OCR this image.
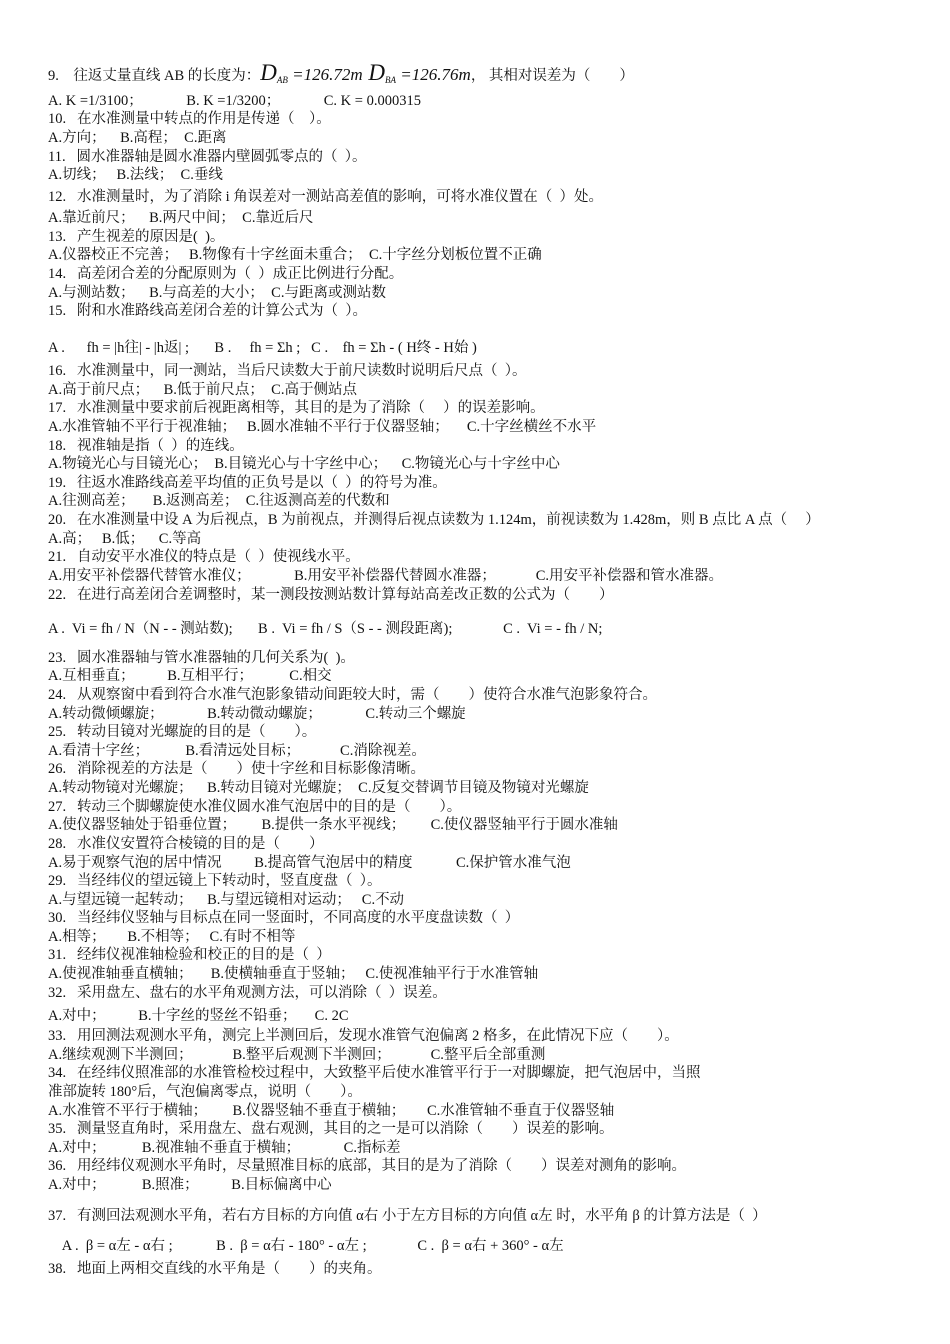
9.    往返丈量直线 AB 的长度为：$D_{AB} =126.72m$ $D_{BA} =126.76m$， 其相对误差为（        ）
A. K =1/3100；            B. K =1/3200；            C. K = 0.000315
10.   在水准测量中转点的作用是传递（    ）。
A.方向；    B.高程；  C.距离
11.   圆水准器轴是圆水准器内壁圆弧零点的（  ）。
A.切线；   B.法线；  C.垂线
12.   水准测量时，为了消除 i 角误差对一测站高差值的影响，可将水准仪置在（  ）处。
A.靠近前尺；    B.两尺中间；  C.靠近后尺
13.   产生视差的原因是(  )。
A.仪器校正不完善；   B.物像有十字丝面未重合；  C.十字丝分划板位置不正确
14.   高差闭合差的分配原则为（  ）成正比例进行分配。
A.与测站数；    B.与高差的大小；  C.与距离或测站数
15.   附和水准路线高差闭合差的计算公式为（  ）。
A .      fh = |h往| - |h返| ;       B .     fh = Σh ;   C .    fh = Σh - ( H终 - H始 )
16.   水准测量中，同一测站，当后尺读数大于前尺读数时说明后尺点（  ）。
A.高于前尺点；    B.低于前尺点；  C.高于侧站点
17.   水准测量中要求前后视距离相等，其目的是为了消除（     ）的误差影响。
A.水准管轴不平行于视准轴；   B.圆水准轴不平行于仪器竖轴；     C.十字丝横丝不水平
18.   视准轴是指（  ）的连线。
A.物镜光心与目镜光心；  B.目镜光心与十字丝中心；    C.物镜光心与十字丝中心
19.   往返水准路线高差平均值的正负号是以（  ）的符号为准。
A.往测高差；     B.返测高差；  C.往返测高差的代数和
20.   在水准测量中设 A 为后视点，B 为前视点，并测得后视点读数为 1.124m，前视读数为 1.428m，则 B 点比 A 点（     ）
A.高；   B.低；    C.等高
21.   自动安平水准仪的特点是（  ）使视线水平。
A.用安平补偿器代替管水准仪；            B.用安平补偿器代替圆水准器；           C.用安平补偿器和管水准器。
22.   在进行高差闭合差调整时，某一测段按测站数计算每站高差改正数的公式为（        ）
A .  Vi = fh / N（N - - 测站数);       B .  Vi = fh / S（S - - 测段距离);              C .  Vi = - fh / N;
23.   圆水准器轴与管水准器轴的几何关系为(  )。
A.互相垂直；         B.互相平行；          C.相交
24.   从观察窗中看到符合水准气泡影象错动间距较大时，需（        ）使符合水准气泡影象符合。
A.转动微倾螺旋；            B.转动微动螺旋；            C.转动三个螺旋
25.   转动目镜对光螺旋的目的是（        ）。
A.看清十字丝；          B.看清远处目标；           C.消除视差。
26.   消除视差的方法是（        ）使十字丝和目标影像清晰。
A.转动物镜对光螺旋；    B.转动目镜对光螺旋；  C.反复交替调节目镜及物镜对光螺旋
27.   转动三个脚螺旋使水准仪圆水准气泡居中的目的是（        ）。
A.使仪器竖轴处于铅垂位置；       B.提供一条水平视线；       C.使仪器竖轴平行于圆水准轴
28.   水准仪安置符合棱镜的目的是（        ）
A.易于观察气泡的居中情况         B.提高管气泡居中的精度            C.保护管水准气泡
29.   当经纬仪的望远镜上下转动时，竖直度盘（  ）。
A.与望远镜一起转动；    B.与望远镜相对运动；   C.不动
30.   当经纬仪竖轴与目标点在同一竖面时，不同高度的水平度盘读数（  ）
A.相等；      B.不相等；   C.有时不相等
31.   经纬仪视准轴检验和校正的目的是（  ）
A.使视准轴垂直横轴；     B.使横轴垂直于竖轴；   C.使视准轴平行于水准管轴
32.   采用盘左、盘右的水平角观测方法，可以消除（  ）误差。
A.对中；         B.十字丝的竖丝不铅垂；     C. 2C
33.   用回测法观测水平角，测完上半测回后，发现水准管气泡偏离 2 格多，在此情况下应（        ）。
A.继续观测下半测回；           B.整平后观测下半测回；           C.整平后全部重测
34.   在经纬仪照准部的水准管检校过程中，大致整平后使水准管平行于一对脚螺旋，把气泡居中，当照
准部旋转 180°后，气泡偏离零点，说明（        ）。
A.水准管不平行于横轴；       B.仪器竖轴不垂直于横轴；      C.水准管轴不垂直于仪器竖轴
35.   测量竖直角时，采用盘左、盘右观测，其目的之一是可以消除（        ）误差的影响。
A.对中；          B.视准轴不垂直于横轴；            C.指标差
36.   用经纬仪观测水平角时，尽量照准目标的底部，其目的是为了消除（        ）误差对测角的影响。
A.对中；          B.照准；         B.目标偏离中心
37.   有测回法观测水平角，若右方目标的方向值 α右 小于左方目标的方向值 α左 时，水平角 β 的计算方法是（  ）
A .  β = α左 - α右 ;            B .  β = α右 - 180° - α左 ;              C .  β = α右 + 360° - α左
38.   地面上两相交直线的水平角是（        ）的夹角。
